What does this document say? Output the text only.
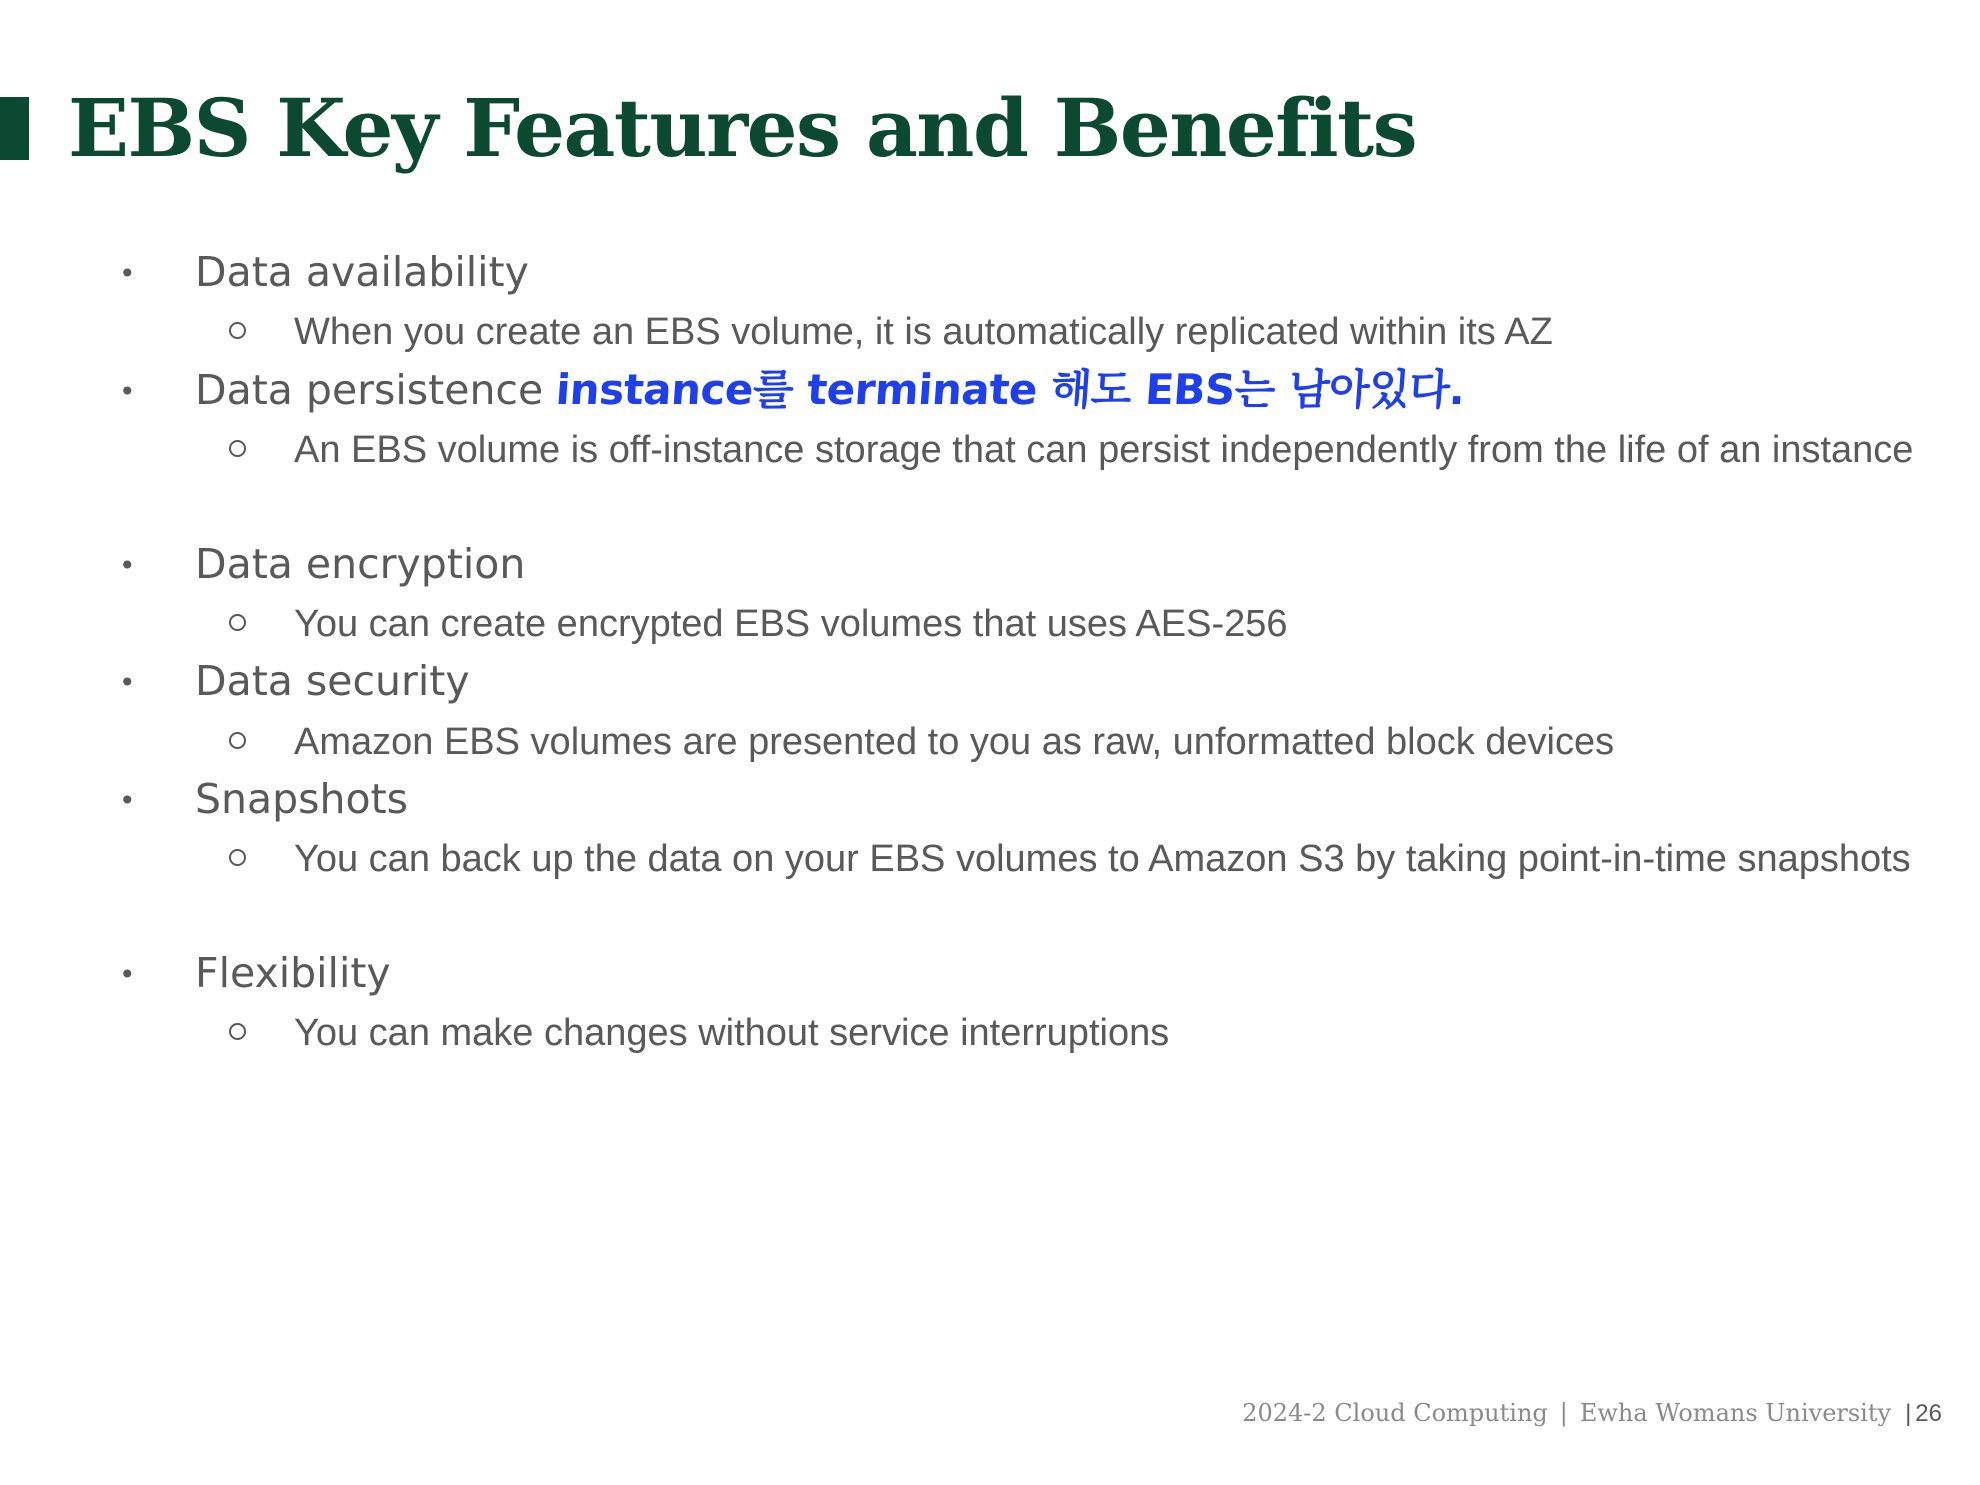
EBS Key Features and Benefits
• Data availability
When you create an EBS volume, it is automatically replicated within its AZ
• Data persistence
An EBS volume is off-instance storage that can persist independently from the life of an instance
• Data encryption
You can create encrypted EBS volumes that uses AES-256
• Data security
Amazon EBS volumes are presented to you as raw, unformatted block devices
• Snapshots
You can back up the data on your EBS volumes to Amazon S3 by taking point-in-time snapshots
• Flexibility
You can make changes without service interruptions
instance를 terminate 해도 EBS는 남아있다.
2024-2 Cloud Computing | Ewha Womans University | 26
